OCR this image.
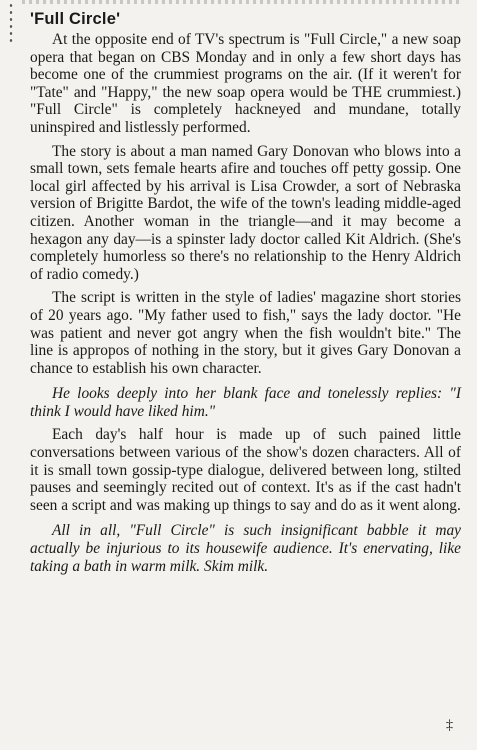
'Full Circle'

At the opposite end of TV's spectrum is "Full Circle," a new soap opera that began on CBS Monday and in only a few short days has become one of the crummiest programs on the air. (If it weren't for "Tate" and "Happy," the new soap opera would be THE crummiest.) "Full Circle" is completely hackneyed and mundane, totally uninspired and listlessly performed.

The story is about a man named Gary Donovan who blows into a small town, sets female hearts afire and touches off petty gossip. One local girl affected by his arrival is Lisa Crowder, a sort of Nebraska version of Brigitte Bardot, the wife of the town's leading middle-aged citizen. Another woman in the triangle—and it may become a hexagon any day—is a spinster lady doctor called Kit Aldrich. (She's completely humorless so there's no relationship to the Henry Aldrich of radio comedy.)

The script is written in the style of ladies' magazine short stories of 20 years ago. "My father used to fish," says the lady doctor. "He was patient and never got angry when the fish wouldn't bite." The line is appropos of nothing in the story, but it gives Gary Donovan a chance to establish his own character.

He looks deeply into her blank face and tonelessly replies: "I think I would have liked him."

Each day's half hour is made up of such pained little conversations between various of the show's dozen characters. All of it is small town gossip-type dialogue, delivered between long, stilted pauses and seemingly recited out of context. It's as if the cast hadn't seen a script and was making up things to say and do as it went along.

All in all, "Full Circle" is such insignificant babble it may actually be injurious to its housewife audience. It's enervating, like taking a bath in warm milk. Skim milk.

‡
